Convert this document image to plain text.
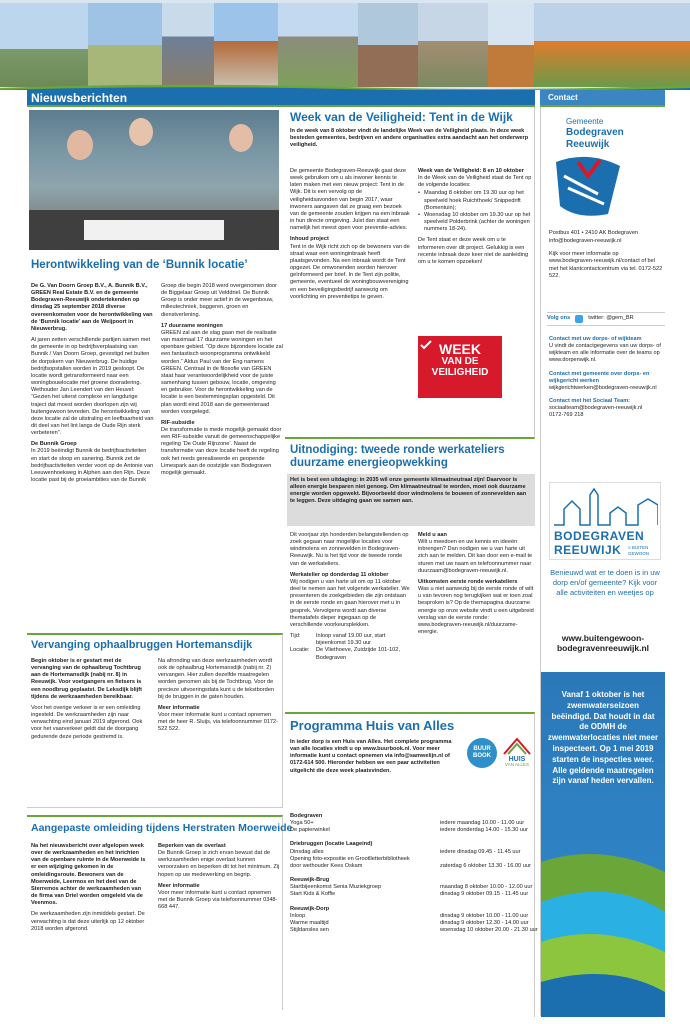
Nieuwsberichten	Contact
Herontwikkeling van de ‘Bunnik locatie’

De G. Van Doorn Groep B.V., A. Bunnik B.V., GREEN Real Estate B.V. en de gemeente Bodegraven-Reeuwijk ondertekenden op dinsdag 25 september 2018 diverse overeenkomsten voor de herontwikkeling van de ‘Bunnik locatie’ aan de Weijpoort in Nieuwerbrug.

Al jaren zetten verschillende partijen samen met de gemeente in op bedrijfsverplaatsing van Bunnik / Van Doorn Groep, gevestigd net buiten de dorpskern van Nieuwerbrug. De huidige bedrijfsopstallen worden in 2019 gesloopt. De locatie wordt getransformeerd naar een woningbouwlocatie met groene dooradering. Wethouder Jan Leendert van den Heuvel: “Gezien het uiterst complexe en langdurige traject dat moest worden doorlopen zijn wij buitengewoon tevreden. De herontwikkeling van deze locatie zal de uitstraling en leefbaarheid van dit deel van het lint langs de Oude Rijn sterk verbeteren”.

De Bunnik Groep

In 2019 beëindigt Bunnik de bedrijfsactiviteiten en start de sloop en sanering. Bunnik zet de bedrijfsactiviteiten verder voort op de Antonie van Leeuwenhoekweg in Alphen aan den Rijn. Deze locatie past bij de groeiambities van de Bunnik

Groep die begin 2018 werd overgenomen door de Biggelaar Groep uit Velddriel. De Bunnik Groep is onder meer actief in de wegenbouw, milieutechniek, baggeren, groen en dienstverlening.

17 duurzame woningen

GREEN zal aan de slag gaan met de realisatie van maximaal 17 duurzame woningen en het openbare gebied. “Op deze bijzondere locatie zal een fantastisch woonprogramma ontwikkeld worden.” Aldus Paul van der Eng namens GREEN. Centraal in de filosofie van GREEN staat haar verantwoordelijkheid voor de juiste samenhang tussen gebouw, locatie, omgeving en gebruiker. Voor de herontwikkeling van de locatie is een bestemmingsplan opgesteld. Dit plan wordt eind 2018 aan de gemeenteraad worden voorgelegd.

RIF-subsidie

De transformatie is mede mogelijk gemaakt door een RIF-subsidie vanuit de gemeenschappelijke regeling ‘De Oude Rijnzone’. Naast de transformatie van deze locatie heeft de regeling ook het reeds gerealiseerde en geopende Limespark aan de oostzijde van Bodegraven mogelijk gemaakt.

Vervanging ophaalbruggen Hortemansdijk

Begin oktober is er gestart met de vervanging van de ophaalbrug Tochtbrug aan de Hortemansdijk (nabij nr. 8) in Reeuwijk. Voor voetgangers en fietsers is een noodbrug geplaatst. De Leksdijk blijft tijdens de werkzaamheden bereikbaar.

Voor het overige verkeer is er een omleiding ingesteld. De werkzaamheden zijn naar verwachting eind januari 2019 afgerond. Ook voor het vaarverkeer geldt dat de doorgang gedurende deze periode gestremd is.

Na afronding van deze werkzaamheden wordt ook de ophaalbrug Hortemansdijk (nabij nr. 2) vervangen. Hier zullen dezelfde maatregelen worden genomen als bij de Tochtbrug. Voor de precieze uitvoeringsdata kunt u de tekstborden bij de bruggen in de gaten houden.

Meer informatie

Voor meer informatie kunt u contact opnemen met de heer R. Sluijs, via telefoonnummer 0172-522 522.

Aangepaste omleiding tijdens Herstraten Moerweide

Na het nieuwsbericht over afgelopen week over de werkzaamheden en het inrichten van de openbare ruimte in de Moerweide is er een wijziging gekomen in de omleidingsroute. Bewoners van de Moerweide, Leermos en het deel van de Sterremos achter de werkzaamheden van de firma van Driel worden omgeleid via de Veenmos.

De werkzaamheden zijn inmiddels gestart. De verwachting is dat deze uiterlijk op 12 oktober 2018 worden afgerond.

Beperken van de overlast

De Bunnik Groep is zich ervan bewust dat de werkzaamheden enige overlast kunnen veroorzaken en beperken dit tot het minimum. Zij hopen op uw medewerking en begrip.

Meer informatie

Voor meer informatie kunt u contact opnemen met de Bunnik Groep via telefoonnummer 0348-668 447.

Week van de Veiligheid: Tent in de Wijk
In de week van 8 oktober vindt de landelijke Week van de Veiligheid plaats. In deze week besteden gemeentes, bedrijven en andere organisaties extra aandacht aan het onderwerp veiligheid.

De gemeente Bodegraven-Reeuwijk gaat deze week gebruiken om u als inwoner kennis te laten maken met een nieuw project: Tent in de Wijk. Dit is een vervolg op de veiligheidsavonden van begin 2017, waar inwoners aangaven dat ze graag een bezoek van de gemeente zouden krijgen na een inbraak in hun directe omgeving. Juist dan staat een namelijk het meest open voor preventie-advies.

Inhoud project

Tent in de Wijk richt zich op de bewoners van de straat waar een woninginbraak heeft plaatsgevonden. Na een inbraak wordt de Tent opgezet. De omwonenden worden hierover geïnformeerd per brief. In de Tent zijn politie, gemeente, eventueel de woningbouwvereniging en een beveiligingsbedrijf aanwezig om voorlichting en preventietips te geven.

Week van de Veiligheid: 8 en 10 oktober

In de Week van de Veiligheid staat de Tent op de volgende locaties:

• Maandag 8 oktober om 19.30 uur op het speelveld hoek Ruichthoek/ Snippedrift (Bomentuin);
• Woensdag 10 oktober om 19.30 uur op het speelveld Polderbrink (achter de woningen nummers 18-24).

De Tent staat er deze week om u te informeren over dit project. Gelukkig is een recente inbraak deze keer niet de aanleiding om u te komen opzoeken!

WEEK
VAN DE
VEILIGHEID
Uitnodiging: tweede ronde werkateliers duurzame energieopwekking
Het is best een uitdaging: in 2035 wil onze gemeente klimaatneutraal zijn! Daarvoor is alleen energie besparen niet genoeg. Om klimaatneutraal te worden, moet ook duurzame energie worden opgewekt. Bijvoorbeeld door windmolens te bouwen of zonnevelden aan te leggen. Deze uitdaging gaan we samen aan.

Dit voorjaar zijn honderden belangstellenden op zoek gegaan naar mogelijke locaties voor windmolens en zonnevelden in Bodegraven-Reeuwijk. Nu is het tijd voor de tweede ronde van de werkateliers.

Werkatelier op donderdag 11 oktober

Wij nodigen u van harte uit om op 11 oktober deel te nemen aan het volgende werkatelier. We presenteren de zoekgebieden die zijn ontstaan in de eerste ronde en gaan hierover met u in gesprek. Vervolgens wordt aan diverse thematafels dieper ingegaan op de verschillende voorkeursplekken.

Tijd:	Inloop vanaf 19.00 uur, start bijeenkomst 19.30 uur
Locatie:	De Vliethoeve, Zuidzijde 101-102, Bodegraven

Meld u aan

Wilt u meedoen en uw kennis en ideeën inbrengen? Dan nodigen we u van harte uit zich aan te melden. Dit kan door een e-mail te sturen met uw naam en telefoonnummer naar duurzaam@bodegraven-reeuwijk.nl.

Uitkomsten eerste ronde werkateliers

Was u niet aanwezig bij de eerste ronde of wilt u van tevoren nog terugkijken wat er toen zoal besproken is? Op de themapagina duurzame energie op onze website vindt u een uitgebreid verslag van de eerste ronde: www.bodegraven-reeuwijk.nl/duurzame-energie.

Programma Huis van Alles
In ieder dorp is een Huis van Alles. Het complete programma van alle locaties vindt u op www.buurbook.nl. Voor meer informatie kunt u contact opnemen via info@samwelijn.nl of 0172-614 500. Hieronder hebben we een paar activiteiten uitgelicht die deze week plaatsvinden.
BUUR BOOK
HUIS
VAN ALLES
Bodegraven
Yoga 50+	iedere maandag 10.00 - 11.00 uur
De papierwinkel	iedere donderdag 14.00 - 15.30 uur
Driebruggen (locatie Laageind)
Dinsdag alles	iedere dinsdag 09.45 - 11.45 uur
Opening foto-expositie en Grootlletterbibliotheek
door wethouder Kees Oskam	zaterdag 6 oktober 13.30 - 16.00 uur
Reeuwijk-Brug
Startbijeenkomst Senia Muziekgroep	maandag 8 oktober 10.00 - 12.00 uur
Start Kids & Koffie	dinsdag 9 oktober 09.15 - 11.45 uur
Reeuwijk-Dorp
Inloop	dinsdag 9 oktober 10.00 - 11.00 uur
Warme maaltijd	dinsdag 9 oktober 12.30 - 14.00 uur
Stijldansles sen	woensdag 10 oktober 20.00 - 21.30 uur
Gemeente
Bodegraven
Reeuwijk

Postbus 401 • 2410 AK Bodegraven

info@bodegraven-reeuwijk.nl

Kijk voor meer informatie op www.bodegraven-reeuwijk.nl/contact of bel met het klantcontactcentrum via tel. 0172-522 522.

Volg ons	twitter: @gem_BR

Contact met uw dorps- of wijkteam

U vindt de contactgegevens van uw dorps- of wijkteam en alle informatie over de teams op www.dorpenwijk.nl.

Contact met gemeente over dorps- en wijkgericht werken

wijkgerichtwerken@bodegraven-reeuwijk.nl

Contact met het Sociaal Team:

sociaalteam@bodegraven-reeuwijk.nl

0172-769 218

BODEGRAVEN
REEUWIJK ≡ BUITEN GEWOON
Benieuwd wat er te doen is in uw dorp en/of gemeente? Kijk voor alle activiteiten en weetjes op
www.buitengewoon-bodegravenreeuwijk.nl
Vanaf 1 oktober is het zwemwaterseizoen beëindigd. Dat houdt in dat de ODMH de zwemwaterlocaties niet meer inspecteert. Op 1 mei 2019 starten de inspecties weer. Alle geldende maatregelen zijn vanaf heden vervallen.
